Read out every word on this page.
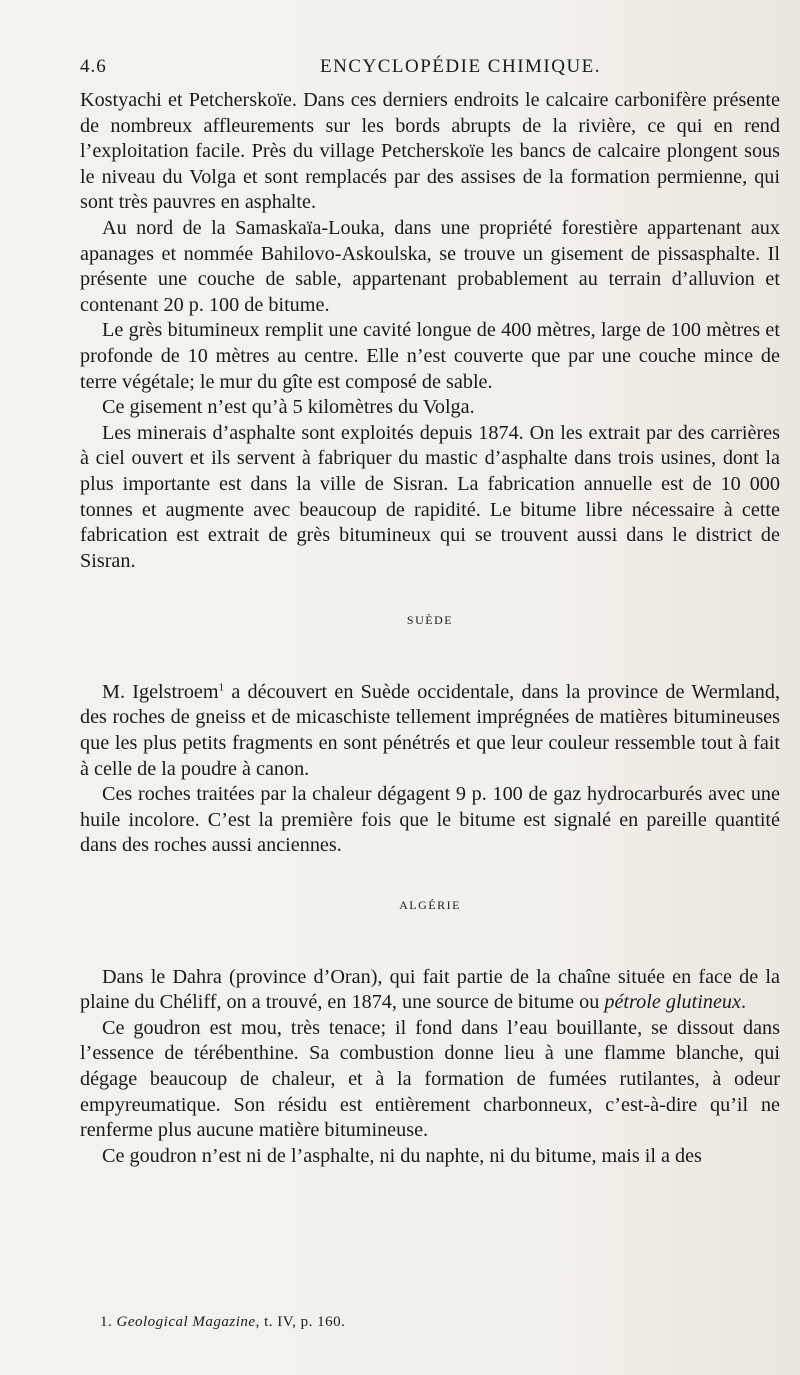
4.6	ENCYCLOPÉDIE CHIMIQUE.

Kostyachi et Petcherskoïe. Dans ces derniers endroits le calcaire carbonifère présente de nombreux affleurements sur les bords abrupts de la rivière, ce qui en rend l’exploitation facile. Près du village Petcherskoïe les bancs de calcaire plongent sous le niveau du Volga et sont remplacés par des assises de la formation permienne, qui sont très pauvres en asphalte.

Au nord de la Samaskaïa-Louka, dans une propriété forestière appartenant aux apanages et nommée Bahilovo-Askoulska, se trouve un gisement de pissasphalte. Il présente une couche de sable, appartenant probablement au terrain d’alluvion et contenant 20 p. 100 de bitume.

Le grès bitumineux remplit une cavité longue de 400 mètres, large de 100 mètres et profonde de 10 mètres au centre. Elle n’est couverte que par une couche mince de terre végétale; le mur du gîte est composé de sable.

Ce gisement n’est qu’à 5 kilomètres du Volga.

Les minerais d’asphalte sont exploités depuis 1874. On les extrait par des carrières à ciel ouvert et ils servent à fabriquer du mastic d’asphalte dans trois usines, dont la plus importante est dans la ville de Sisran. La fabrication annuelle est de 10 000 tonnes et augmente avec beaucoup de rapidité. Le bitume libre nécessaire à cette fabrication est extrait de grès bitumineux qui se trouvent aussi dans le district de Sisran.

SUÈDE

M. Igelstroem$^1$ a découvert en Suède occidentale, dans la province de Wermland, des roches de gneiss et de micaschiste tellement imprégnées de matières bitumineuses que les plus petits fragments en sont pénétrés et que leur couleur ressemble tout à fait à celle de la poudre à canon.

Ces roches traitées par la chaleur dégagent 9 p. 100 de gaz hydrocarburés avec une huile incolore. C’est la première fois que le bitume est signalé en pareille quantité dans des roches aussi anciennes.

ALGÉRIE

Dans le Dahra (province d’Oran), qui fait partie de la chaîne située en face de la plaine du Chéliff, on a trouvé, en 1874, une source de bitume ou pétrole glutineux.

Ce goudron est mou, très tenace; il fond dans l’eau bouillante, se dissout dans l’essence de térébenthine. Sa combustion donne lieu à une flamme blanche, qui dégage beaucoup de chaleur, et à la formation de fumées rutilantes, à odeur empyreumatique. Son résidu est entièrement charbonneux, c’est-à-dire qu’il ne renferme plus aucune matière bitumineuse.

Ce goudron n’est ni de l’asphalte, ni du naphte, ni du bitume, mais il a des

1. Geological Magazine, t. IV, p. 160.
